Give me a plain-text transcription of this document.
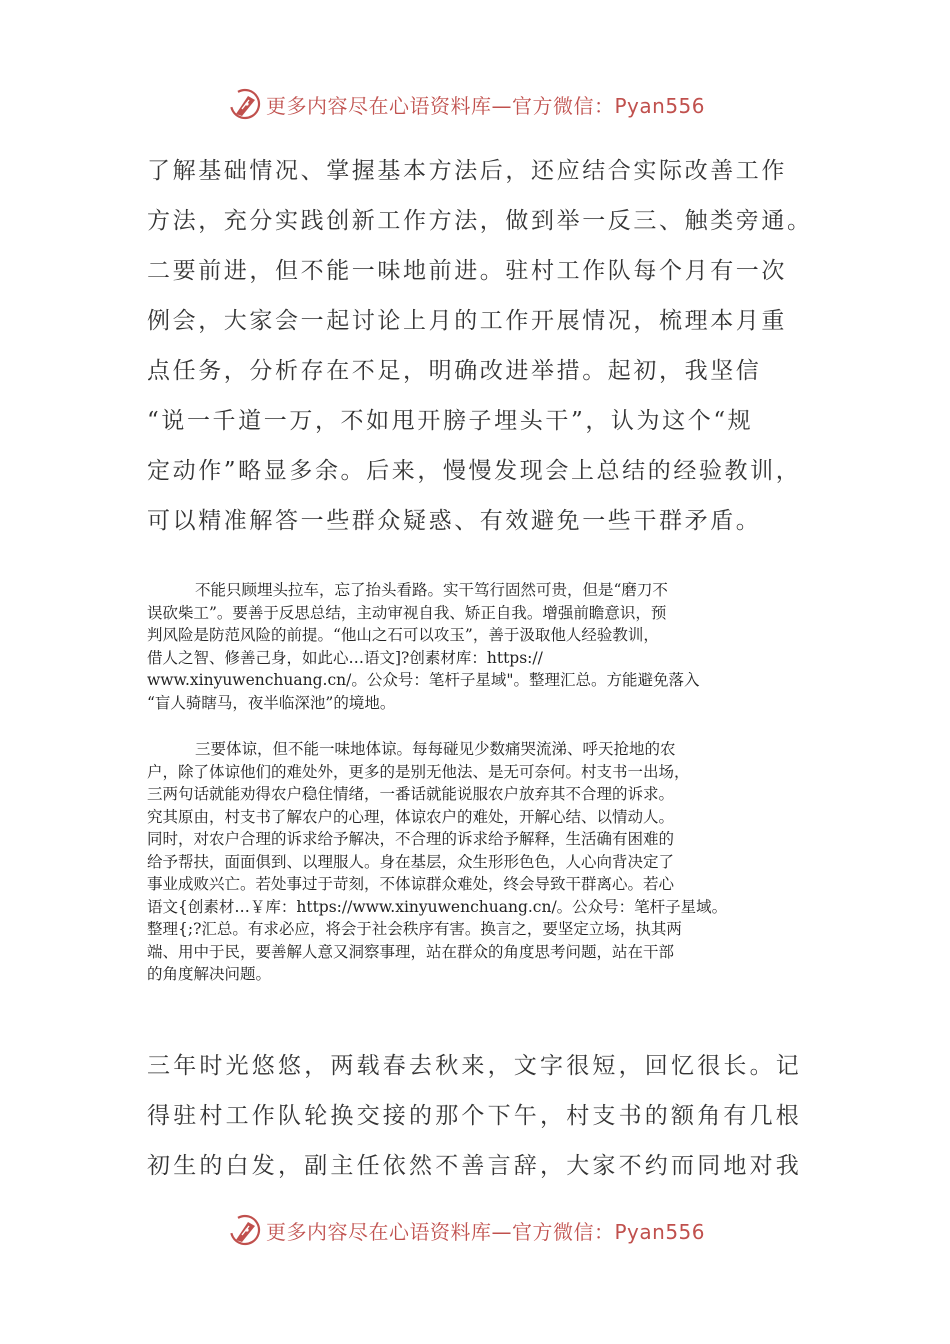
更多内容尽在心语资料库—官方微信：Pyan556
了解基础情况、掌握基本方法后，还应结合实际改善工作
方法，充分实践创新工作方法，做到举一反三、触类旁通。
二要前进，但不能一味地前进。驻村工作队每个月有一次
例会，大家会一起讨论上月的工作开展情况，梳理本月重
点任务，分析存在不足，明确改进举措。起初，我坚信
“说一千道一万，不如甩开膀子埋头干”，认为这个“规
定动作”略显多余。后来，慢慢发现会上总结的经验教训，
可以精准解答一些群众疑惑、有效避免一些干群矛盾。
不能只顾埋头拉车，忘了抬头看路。实干笃行固然可贵，但是“磨刀不
误砍柴工”。要善于反思总结，主动审视自我、矫正自我。增强前瞻意识，预
判风险是防范风险的前提。“他山之石可以攻玉”，善于汲取他人经验教训，
借人之智、修善己身，如此心…语文]?创素材库：https://
www.xinyuwenchuang.cn/。公众号：笔杆子星域"。整理汇总。方能避免落入
“盲人骑瞎马，夜半临深池”的境地。
三要体谅，但不能一味地体谅。每每碰见少数痛哭流涕、呼天抢地的农
户，除了体谅他们的难处外，更多的是别无他法、是无可奈何。村支书一出场，
三两句话就能劝得农户稳住情绪，一番话就能说服农户放弃其不合理的诉求。
究其原由，村支书了解农户的心理，体谅农户的难处，开解心结、以情动人。
同时，对农户合理的诉求给予解决，不合理的诉求给予解释，生活确有困难的
给予帮扶，面面俱到、以理服人。身在基层，众生形形色色，人心向背决定了
事业成败兴亡。若处事过于苛刻，不体谅群众难处，终会导致干群离心。若心
语文{创素材…￥库：https://www.xinyuwenchuang.cn/。公众号：笔杆子星域。
整理{;?汇总。有求必应，将会于社会秩序有害。换言之，要坚定立场，执其两
端、用中于民，要善解人意又洞察事理，站在群众的角度思考问题，站在干部
的角度解决问题。
三年时光悠悠，两载春去秋来，文字很短，回忆很长。记
得驻村工作队轮换交接的那个下午，村支书的额角有几根
初生的白发，副主任依然不善言辞，大家不约而同地对我
更多内容尽在心语资料库—官方微信：Pyan556
